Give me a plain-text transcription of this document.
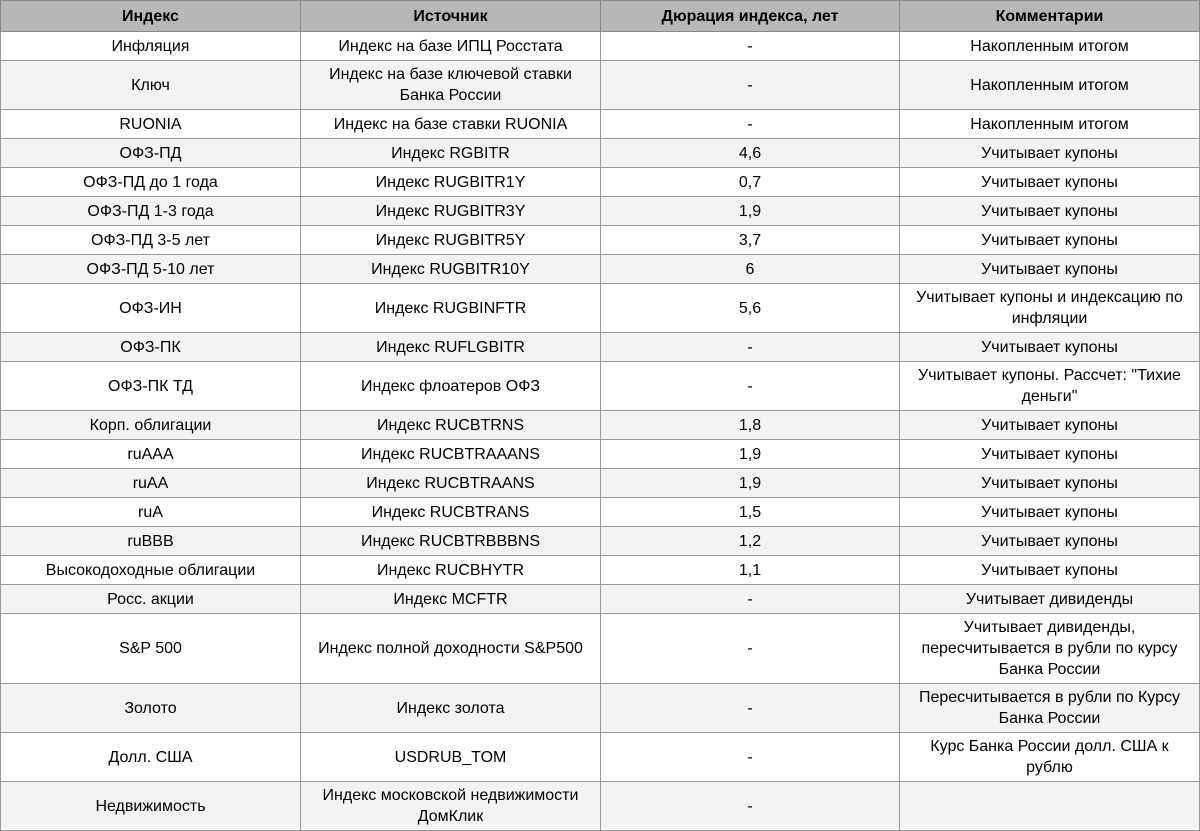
Индекс	Источник	Дюрация индекса, лет	Комментарии
Инфляция	Индекс на базе ИПЦ Росстата	-	Накопленным итогом
Ключ	Индекс на базе ключевой ставки Банка России	-	Накопленным итогом
RUONIA	Индекс на базе ставки RUONIA	-	Накопленным итогом
ОФЗ-ПД	Индекс RGBITR	4,6	Учитывает купоны
ОФЗ-ПД до 1 года	Индекс RUGBITR1Y	0,7	Учитывает купоны
ОФЗ-ПД 1-3 года	Индекс RUGBITR3Y	1,9	Учитывает купоны
ОФЗ-ПД 3-5 лет	Индекс RUGBITR5Y	3,7	Учитывает купоны
ОФЗ-ПД 5-10 лет	Индекс RUGBITR10Y	6	Учитывает купоны
ОФЗ-ИН	Индекс RUGBINFTR	5,6	Учитывает купоны и индексацию по инфляции
ОФЗ-ПК	Индекс RUFLGBITR	-	Учитывает купоны
ОФЗ-ПК ТД	Индекс флоатеров ОФЗ	-	Учитывает купоны. Рассчет: "Тихие деньги"
Корп. облигации	Индекс RUCBTRNS	1,8	Учитывает купоны
ruAAA	Индекс RUCBTRAAANS	1,9	Учитывает купоны
ruAA	Индекс RUCBTRAANS	1,9	Учитывает купоны
ruA	Индекс RUCBTRANS	1,5	Учитывает купоны
ruBBB	Индекс RUCBTRBBBNS	1,2	Учитывает купоны
Высокодоходные облигации	Индекс RUCBHYTR	1,1	Учитывает купоны
Росс. акции	Индекс MCFTR	-	Учитывает дивиденды
S&P 500	Индекс полной доходности S&P500	-	Учитывает дивиденды, пересчитывается в рубли по курсу Банка России
Золото	Индекс золота	-	Пересчитывается в рубли по Курсу Банка России
Долл. США	USDRUB_TOM	-	Курс Банка России долл. США к рублю
Недвижимость	Индекс московской недвижимости ДомКлик	-	
